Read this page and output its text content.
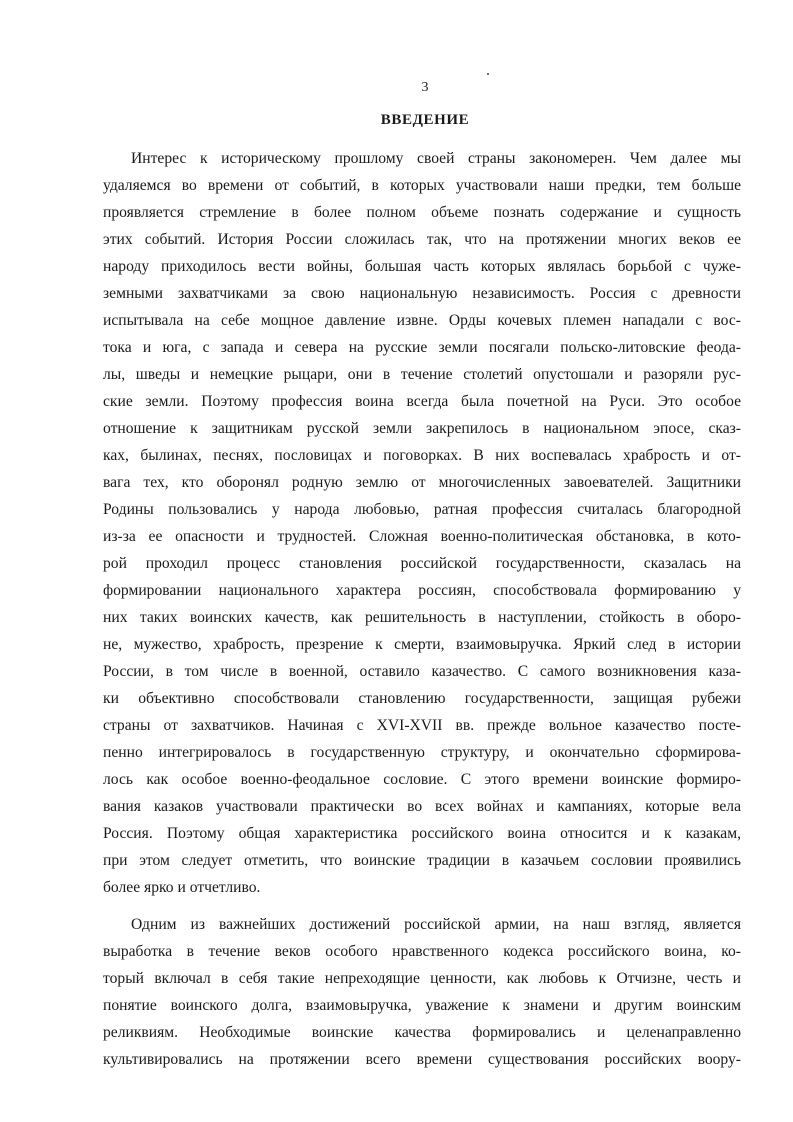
3
ВВЕДЕНИЕ
Интерес к историческому прошлому своей страны закономерен. Чем далее мы
удаляемся во времени от событий, в которых участвовали наши предки, тем больше
проявляется стремление в более полном объеме познать содержание и сущность
этих событий. История России сложилась так, что на протяжении многих веков ее
народу приходилось вести войны, большая часть которых являлась борьбой с чуже-
земными захватчиками за свою национальную независимость. Россия с древности
испытывала на себе мощное давление извне. Орды кочевых племен нападали с вос-
тока и юга, с запада и севера на русские земли посягали польско-литовские феода-
лы, шведы и немецкие рыцари, они в течение столетий опустошали и разоряли рус-
ские земли. Поэтому профессия воина всегда была почетной на Руси. Это особое
отношение к защитникам русской земли закрепилось в национальном эпосе, сказ-
ках, былинах, песнях, пословицах и поговорках. В них воспевалась храбрость и от-
вага тех, кто оборонял родную землю от многочисленных завоевателей. Защитники
Родины пользовались у народа любовью, ратная профессия считалась благородной
из-за ее опасности и трудностей. Сложная военно-политическая обстановка, в кото-
рой проходил процесс становления российской государственности, сказалась на
формировании национального характера россиян, способствовала формированию у
них таких воинских качеств, как решительность в наступлении, стойкость в оборо-
не, мужество, храбрость, презрение к смерти, взаимовыручка. Яркий след в истории
России, в том числе в военной, оставило казачество. С самого возникновения каза-
ки объективно способствовали становлению государственности, защищая рубежи
страны от захватчиков. Начиная с XVI-XVII вв. прежде вольное казачество посте-
пенно интегрировалось в государственную структуру, и окончательно сформирова-
лось как особое военно-феодальное сословие. С этого времени воинские формиро-
вания казаков участвовали практически во всех войнах и кампаниях, которые вела
Россия. Поэтому общая характеристика российского воина относится и к казакам,
при этом следует отметить, что воинские традиции в казачьем сословии проявились
более ярко и отчетливо.
Одним из важнейших достижений российской армии, на наш взгляд, является
выработка в течение веков особого нравственного кодекса российского воина, ко-
торый включал в себя такие непреходящие ценности, как любовь к Отчизне, честь и
понятие воинского долга, взаимовыручка, уважение к знамени и другим воинским
реликвиям. Необходимые воинские качества формировались и целенаправленно
культивировались на протяжении всего времени существования российских воору-
